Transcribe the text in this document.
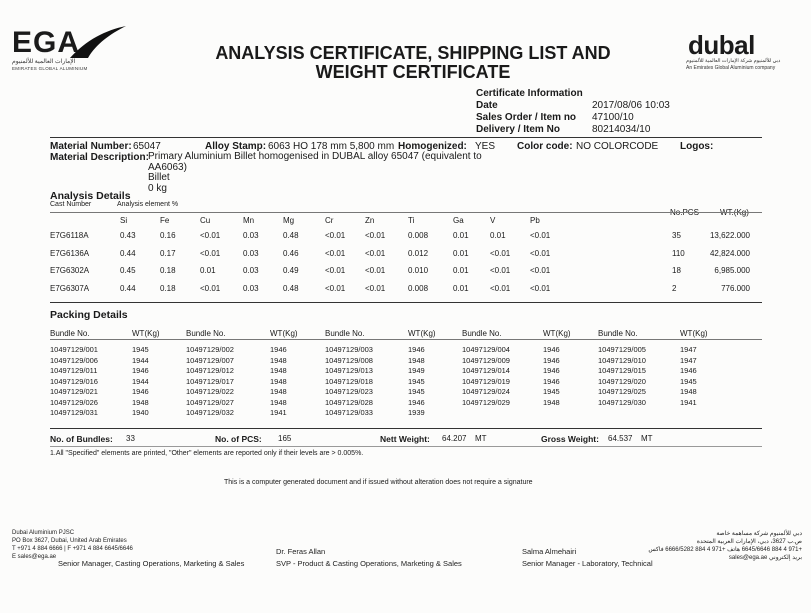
EGA
الإمارات العالمية للألمنيوم
EMIRATES GLOBAL ALUMINIUM
ANALYSIS CERTIFICATE, SHIPPING LIST AND
WEIGHT CERTIFICATE
dubal
دبي للألمنيوم شركة الإمارات العالمية للألمنيوم
An Emirates Global Aluminium company
Certificate Information
Date	2017/08/06 10:03
Sales Order / Item no 47100/10
Delivery / Item No	80214034/10
Material Number: 65047	Alloy Stamp: 6063 HO 178 mm 5,800 mm Homogenized: YES Color code: NO COLORCODE Logos:
Material Description: Primary Aluminium Billet homogenised in DUBAL alloy 65047 (equivalent to
AA6063)
Billet
0 kg
Analysis Details
Cast Number	Analysis element %
No.PCS	WT.(Kg)
Si	Fe	Cu	Mn	Mg	Cr	Zn	Ti	Ga	V	Pb
E7G6118A	0.43	0.16	<0.01	0.03	0.48	<0.01 <0.01	0.008	0.01	0.01	<0.01	35	13,622.000
E7G6136A	0.44	0.17	<0.01	0.03	0.46	<0.01 <0.01	0.012	0.01	<0.01 <0.01	110	42,824.000
E7G6302A	0.45	0.18	0.01	0.03	0.49	<0.01 <0.01	0.010	0.01	<0.01 <0.01	18	6,985.000
E7G6307A	0.44	0.18	<0.01	0.03	0.48	<0.01 <0.01	0.008	0.01	<0.01 <0.01	2	776.000
Packing Details
Bundle No.	WT(Kg)	Bundle No.	WT(Kg)	Bundle No.	WT(Kg)	Bundle No.	WT(Kg)	Bundle No.	WT(Kg)
10497129/001	1945	10497129/002	1946	10497129/003	1946	10497129/004	1946	10497129/005	1947
10497129/006	1944	10497129/007	1948	10497129/008	1948	10497129/009	1946	10497129/010	1947
10497129/011	1946	10497129/012	1948	10497129/013	1949	10497129/014	1946	10497129/015	1946
10497129/016	1944	10497129/017	1948	10497129/018	1945	10497129/019	1946	10497129/020	1945
10497129/021	1946	10497129/022	1948	10497129/023	1945	10497129/024	1945	10497129/025	1948
10497129/026	1948	10497129/027	1948	10497129/028	1946	10497129/029	1948	10497129/030	1941
10497129/031	1940	10497129/032	1941	10497129/033	1939
No. of Bundles: 33	No. of PCS: 165	Nett Weight: 64.207 MT	Gross Weight: 64.537 MT
1.All "Specified" elements are printed, "Other" elements are reported only if their levels are > 0.005%.
This is a computer generated document and if issued without alteration does not require a signature
Dubai Aluminium PJSC
PO Box 3627, Dubai, United Arab Emirates
T +971 4 884 6666 | F +971 4 884 6645/6646
E sales@ega.ae
Senior Manager, Casting Operations, Marketing & Sales
Dr. Feras Allan
SVP - Product & Casting Operations, Marketing & Sales
Salma Almehairi
Senior Manager - Laboratory, Technical
دبي للألمنيوم شركة مساهمة خاصة
ص.ب 3627، دبي، الإمارات العربية المتحدة
+971 4 884 6645/6646 هاتف +971 4 884 6666/5282 فاكس
بريد إلكتروني sales@ega.ae
